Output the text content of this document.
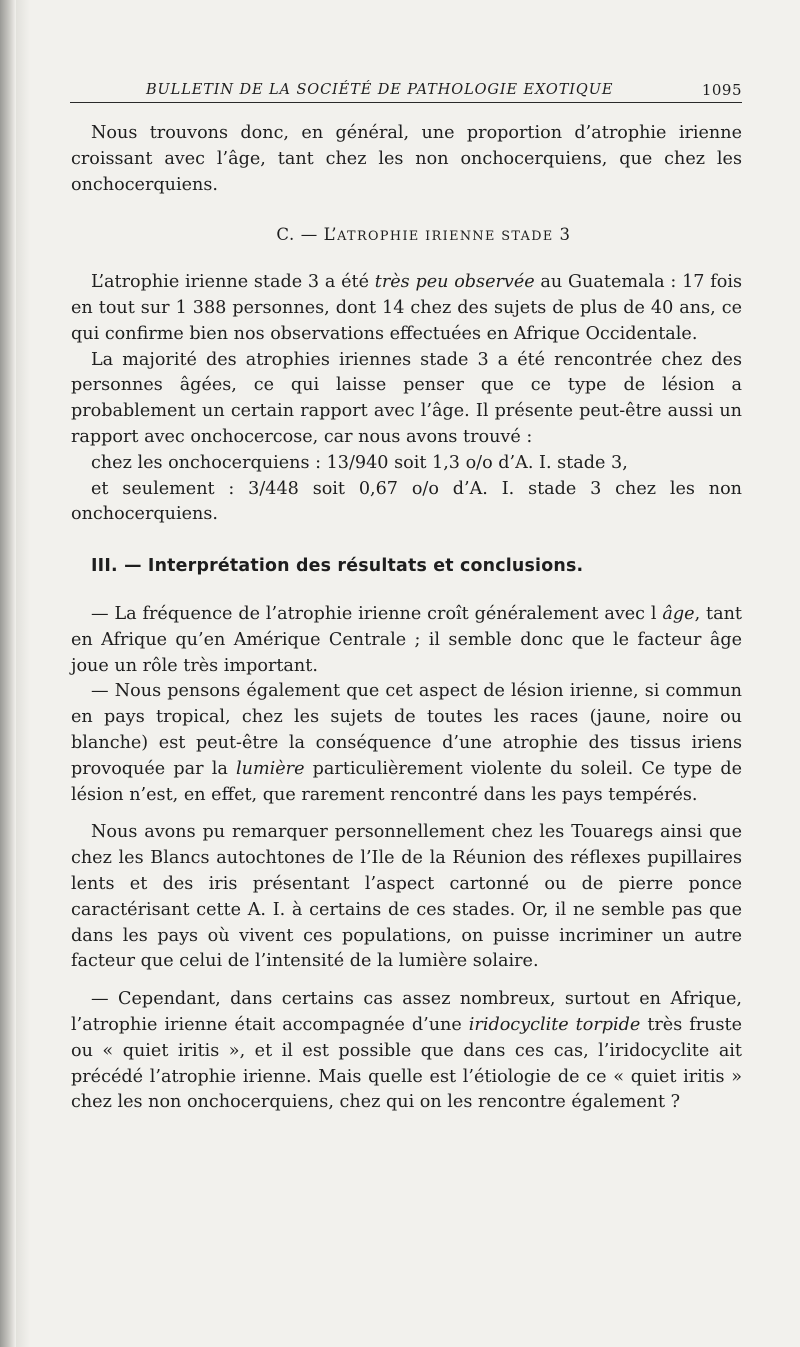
BULLETIN DE LA SOCIÉTÉ DE PATHOLOGIE EXOTIQUE	1095

Nous trouvons donc, en général, une proportion d’atrophie irienne croissant avec l’âge, tant chez les non onchocerquiens, que chez les onchocerquiens.

C. — L’ATROPHIE IRIENNE STADE 3

L’atrophie irienne stade 3 a été très peu observée au Guatemala : 17 fois en tout sur 1 388 personnes, dont 14 chez des sujets de plus de 40 ans, ce qui confirme bien nos observations effectuées en Afrique Occidentale.

La majorité des atrophies iriennes stade 3 a été rencontrée chez des personnes âgées, ce qui laisse penser que ce type de lésion a probablement un certain rapport avec l’âge. Il présente peut-être aussi un rapport avec onchocercose, car nous avons trouvé :

chez les onchocerquiens : 13/940 soit 1,3 o/o d’A. I. stade 3,

et seulement : 3/448 soit 0,67 o/o d’A. I. stade 3 chez les non onchocerquiens.

III. — Interprétation des résultats et conclusions.

— La fréquence de l’atrophie irienne croît généralement avec l âge, tant en Afrique qu’en Amérique Centrale ; il semble donc que le facteur âge joue un rôle très important.

— Nous pensons également que cet aspect de lésion irienne, si commun en pays tropical, chez les sujets de toutes les races (jaune, noire ou blanche) est peut-être la conséquence d’une atrophie des tissus iriens provoquée par la lumière particulièrement violente du soleil. Ce type de lésion n’est, en effet, que rarement rencontré dans les pays tempérés.

Nous avons pu remarquer personnellement chez les Touaregs ainsi que chez les Blancs autochtones de l’Ile de la Réunion des réflexes pupillaires lents et des iris présentant l’aspect cartonné ou de pierre ponce caractérisant cette A. I. à certains de ces stades. Or, il ne semble pas que dans les pays où vivent ces populations, on puisse incriminer un autre facteur que celui de l’intensité de la lumière solaire.

— Cependant, dans certains cas assez nombreux, surtout en Afrique, l’atrophie irienne était accompagnée d’une iridocyclite torpide très fruste ou « quiet iritis », et il est possible que dans ces cas, l’iridocyclite ait précédé l’atrophie irienne. Mais quelle est l’étiologie de ce « quiet iritis » chez les non onchocerquiens, chez qui on les rencontre également ?
